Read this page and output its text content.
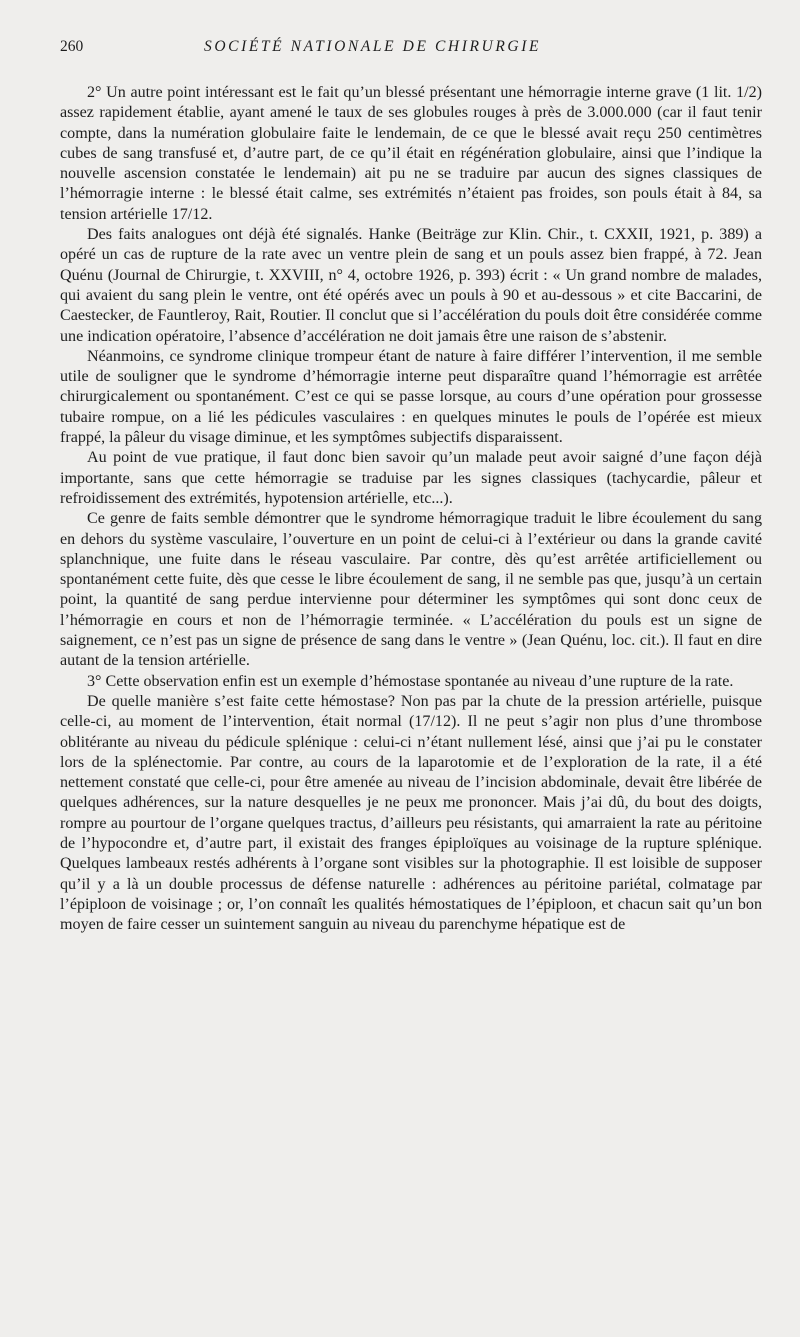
260	SOCIÉTÉ NATIONALE DE CHIRURGIE

2° Un autre point intéressant est le fait qu’un blessé présentant une hémorragie interne grave (1 lit. 1/2) assez rapidement établie, ayant amené le taux de ses globules rouges à près de 3.000.000 (car il faut tenir compte, dans la numération globulaire faite le lendemain, de ce que le blessé avait reçu 250 centimètres cubes de sang transfusé et, d’autre part, de ce qu’il était en régénération globulaire, ainsi que l’indique la nouvelle ascension constatée le lendemain) ait pu ne se traduire par aucun des signes classiques de l’hémorragie interne : le blessé était calme, ses extrémités n’étaient pas froides, son pouls était à 84, sa tension artérielle 17/12.

Des faits analogues ont déjà été signalés. Hanke (Beiträge zur Klin. Chir., t. CXXII, 1921, p. 389) a opéré un cas de rupture de la rate avec un ventre plein de sang et un pouls assez bien frappé, à 72. Jean Quénu (Journal de Chirurgie, t. XXVIII, n° 4, octobre 1926, p. 393) écrit : « Un grand nombre de malades, qui avaient du sang plein le ventre, ont été opérés avec un pouls à 90 et au-dessous » et cite Baccarini, de Caestecker, de Fauntleroy, Rait, Routier. Il conclut que si l’accélération du pouls doit être considérée comme une indication opératoire, l’absence d’accélération ne doit jamais être une raison de s’abstenir.

Néanmoins, ce syndrome clinique trompeur étant de nature à faire différer l’intervention, il me semble utile de souligner que le syndrome d’hémorragie interne peut disparaître quand l’hémorragie est arrêtée chirurgicalement ou spontanément. C’est ce qui se passe lorsque, au cours d’une opération pour grossesse tubaire rompue, on a lié les pédicules vasculaires : en quelques minutes le pouls de l’opérée est mieux frappé, la pâleur du visage diminue, et les symptômes subjectifs disparaissent.

Au point de vue pratique, il faut donc bien savoir qu’un malade peut avoir saigné d’une façon déjà importante, sans que cette hémorragie se traduise par les signes classiques (tachycardie, pâleur et refroidissement des extrémités, hypotension artérielle, etc...).

Ce genre de faits semble démontrer que le syndrome hémorragique traduit le libre écoulement du sang en dehors du système vasculaire, l’ouverture en un point de celui-ci à l’extérieur ou dans la grande cavité splanchnique, une fuite dans le réseau vasculaire. Par contre, dès qu’est arrêtée artificiellement ou spontanément cette fuite, dès que cesse le libre écoulement de sang, il ne semble pas que, jusqu’à un certain point, la quantité de sang perdue intervienne pour déterminer les symptômes qui sont donc ceux de l’hémorragie en cours et non de l’hémorragie terminée. « L’accélération du pouls est un signe de saignement, ce n’est pas un signe de présence de sang dans le ventre » (Jean Quénu, loc. cit.). Il faut en dire autant de la tension artérielle.

3° Cette observation enfin est un exemple d’hémostase spontanée au niveau d’une rupture de la rate.

De quelle manière s’est faite cette hémostase? Non pas par la chute de la pression artérielle, puisque celle-ci, au moment de l’intervention, était normal (17/12). Il ne peut s’agir non plus d’une thrombose oblitérante au niveau du pédicule splénique : celui-ci n’étant nullement lésé, ainsi que j’ai pu le constater lors de la splénectomie. Par contre, au cours de la laparotomie et de l’exploration de la rate, il a été nettement constaté que celle-ci, pour être amenée au niveau de l’incision abdominale, devait être libérée de quelques adhérences, sur la nature desquelles je ne peux me prononcer. Mais j’ai dû, du bout des doigts, rompre au pourtour de l’organe quelques tractus, d’ailleurs peu résistants, qui amarraient la rate au péritoine de l’hypocondre et, d’autre part, il existait des franges épiploïques au voisinage de la rupture splénique. Quelques lambeaux restés adhérents à l’organe sont visibles sur la photographie. Il est loisible de supposer qu’il y a là un double processus de défense naturelle : adhérences au péritoine pariétal, colmatage par l’épiploon de voisinage ; or, l’on connaît les qualités hémostatiques de l’épiploon, et chacun sait qu’un bon moyen de faire cesser un suintement sanguin au niveau du parenchyme hépatique est de
